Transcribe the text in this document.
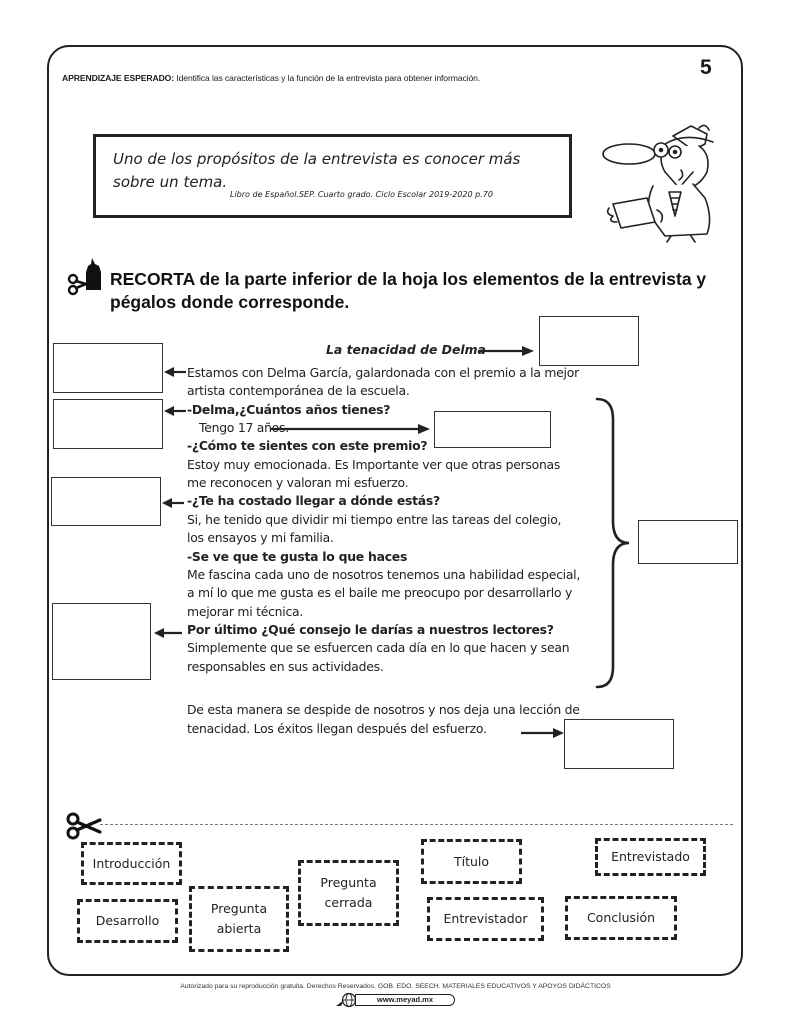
5
APRENDIZAJE ESPERADO: Identifica las características y la función de la entrevista para obtener información.
Uno de los propósitos de la entrevista es conocer más sobre un tema.
Libro de Español.SEP. Cuarto grado. Ciclo Escolar 2019-2020 p.70
RECORTA de la parte inferior de la hoja los elementos de la entrevista y pégalos donde corresponde.
La tenacidad de Delma
Estamos con Delma García, galardonada con el premio a la mejor
artista contemporánea de la escuela.
-Delma,¿Cuántos años tienes?
Tengo 17 años.
-¿Cómo te sientes con este premio?
Estoy muy emocionada. Es Importante ver que otras personas
me reconocen y valoran mi esfuerzo.
-¿Te ha costado llegar a dónde estás?
Si, he tenido que dividir mi tiempo entre las tareas del colegio,
los ensayos y mi familia.
-Se ve que te gusta lo que haces
Me fascina cada uno de nosotros tenemos una habilidad especial,
a mí lo que me gusta es el baile me preocupo por desarrollarlo y
mejorar mi técnica.
Por último ¿Qué consejo le darías a nuestros lectores?
Simplemente que se esfuercen cada día en lo que hacen y sean
responsables en sus actividades.
De esta manera se despide de nosotros y nos deja una lección de
tenacidad. Los éxitos llegan después del esfuerzo.
Introducción
Desarrollo
Pregunta abierta
Pregunta cerrada
Título
Entrevistador
Entrevistado
Conclusión
Autorizado para su reproducción gratuita. Derechos Reservados. GOB. EDO. SEECH. MATERIALES EDUCATIVOS Y APOYOS DIDÁCTICOS
www.meyad.mx
